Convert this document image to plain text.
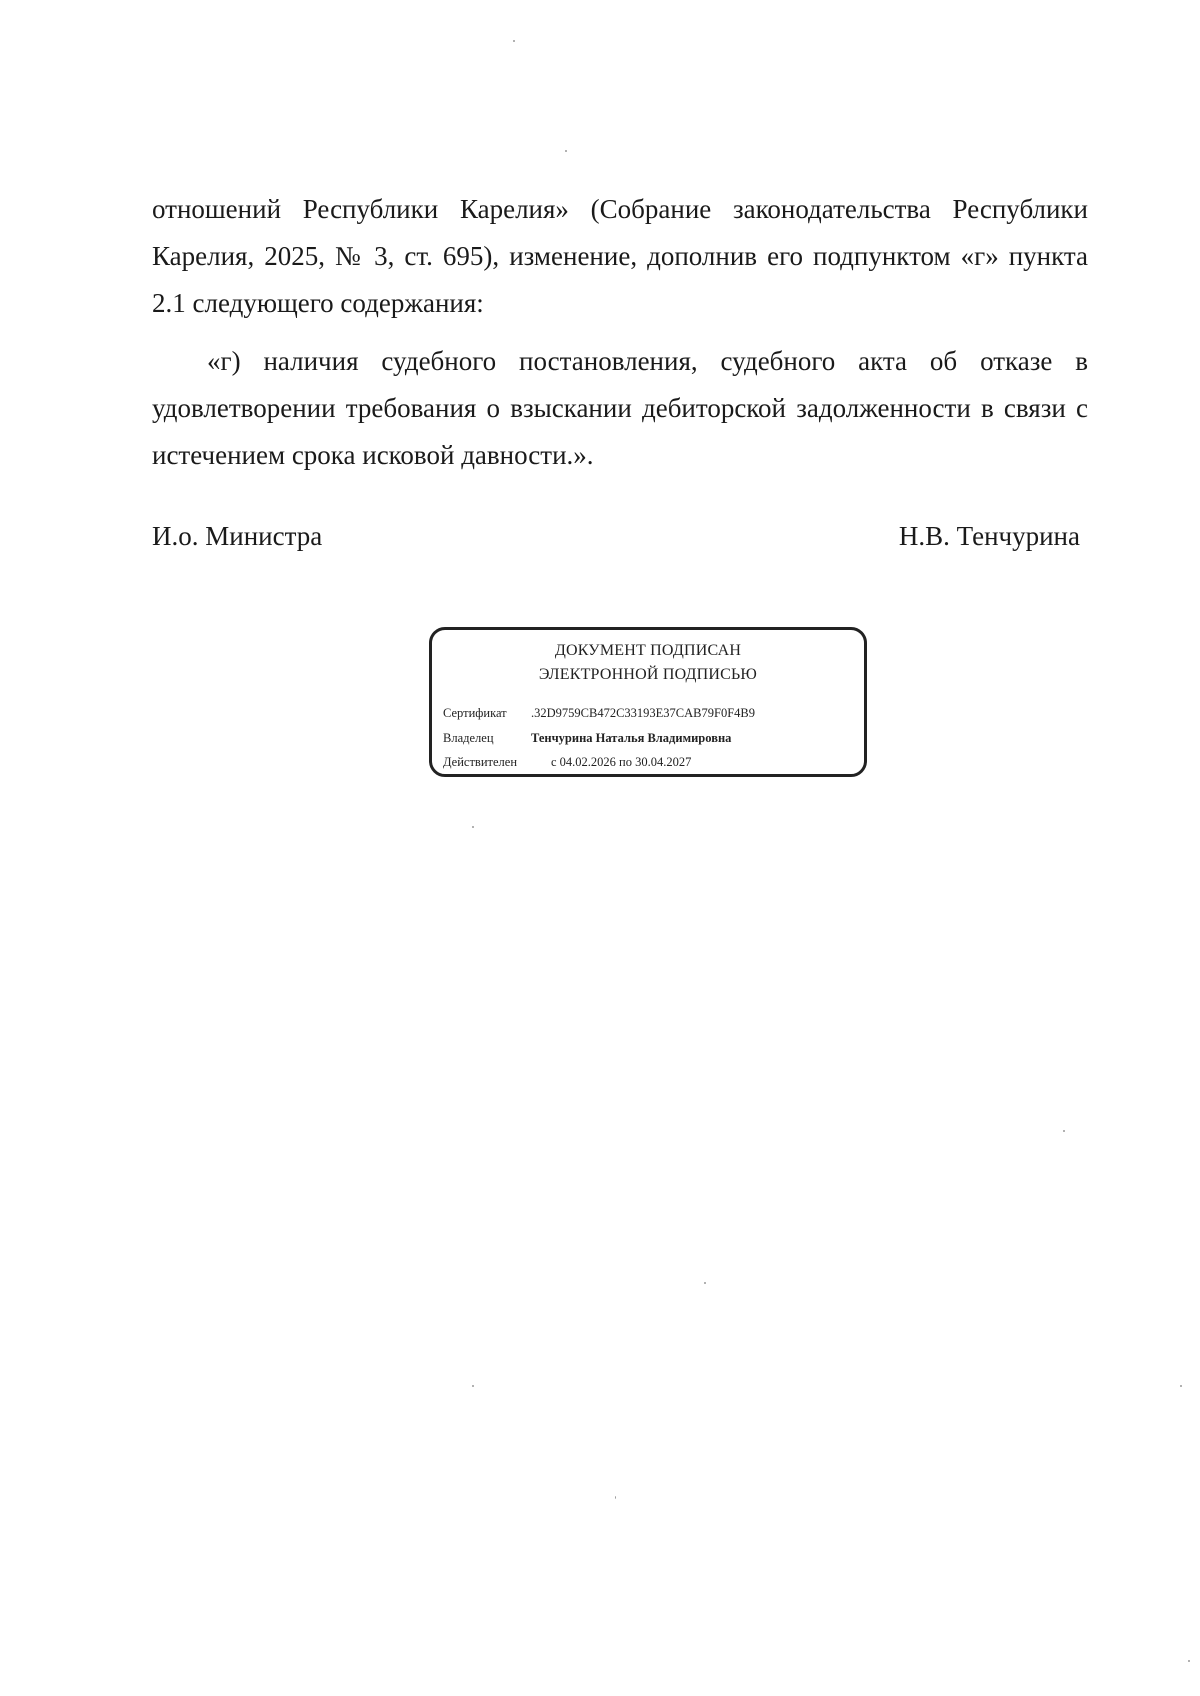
отношений Республики Карелия» (Собрание законодательства Республики Карелия, 2025, № 3, ст. 695), изменение, дополнив его подпунктом «г» пункта 2.1 следующего содержания:
«г) наличия судебного постановления, судебного акта об отказе в удовлетворении требования о взыскании дебиторской задолженности в связи с истечением срока исковой давности.».
И.о. Министра	Н.В. Тенчурина
ДОКУМЕНТ ПОДПИСАН
ЭЛЕКТРОННОЙ ПОДПИСЬЮ
Сертификат .32D9759CB472C33193E37CAB79F0F4B9
Владелец	Тенчурина Наталья Владимировна
Действителен	с 04.02.2026 по 30.04.2027
